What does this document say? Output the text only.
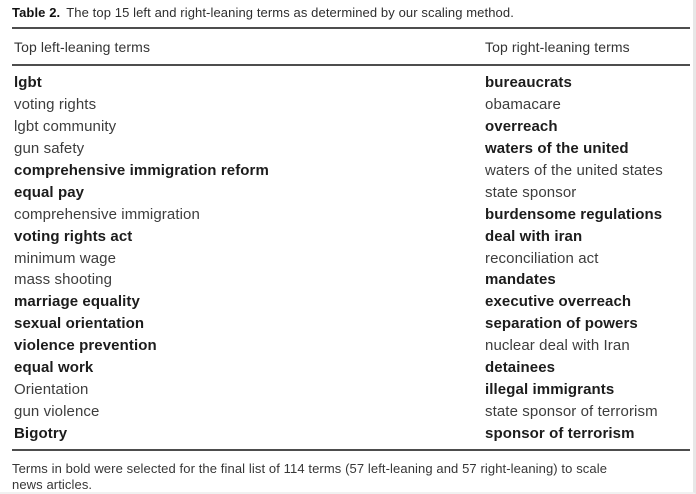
Table 2. The top 15 left and right-leaning terms as determined by our scaling method.
Top left-leaning terms	Top right-leaning terms
lgbt	bureaucrats
voting rights	obamacare
lgbt community	overreach
gun safety	waters of the united
comprehensive immigration reform	waters of the united states
equal pay	state sponsor
comprehensive immigration	burdensome regulations
voting rights act	deal with iran
minimum wage	reconciliation act
mass shooting	mandates
marriage equality	executive overreach
sexual orientation	separation of powers
violence prevention	nuclear deal with Iran
equal work	detainees
Orientation	illegal immigrants
gun violence	state sponsor of terrorism
Bigotry	sponsor of terrorism
Terms in bold were selected for the final list of 114 terms (57 left-leaning and 57 right-leaning) to scale
news articles.
